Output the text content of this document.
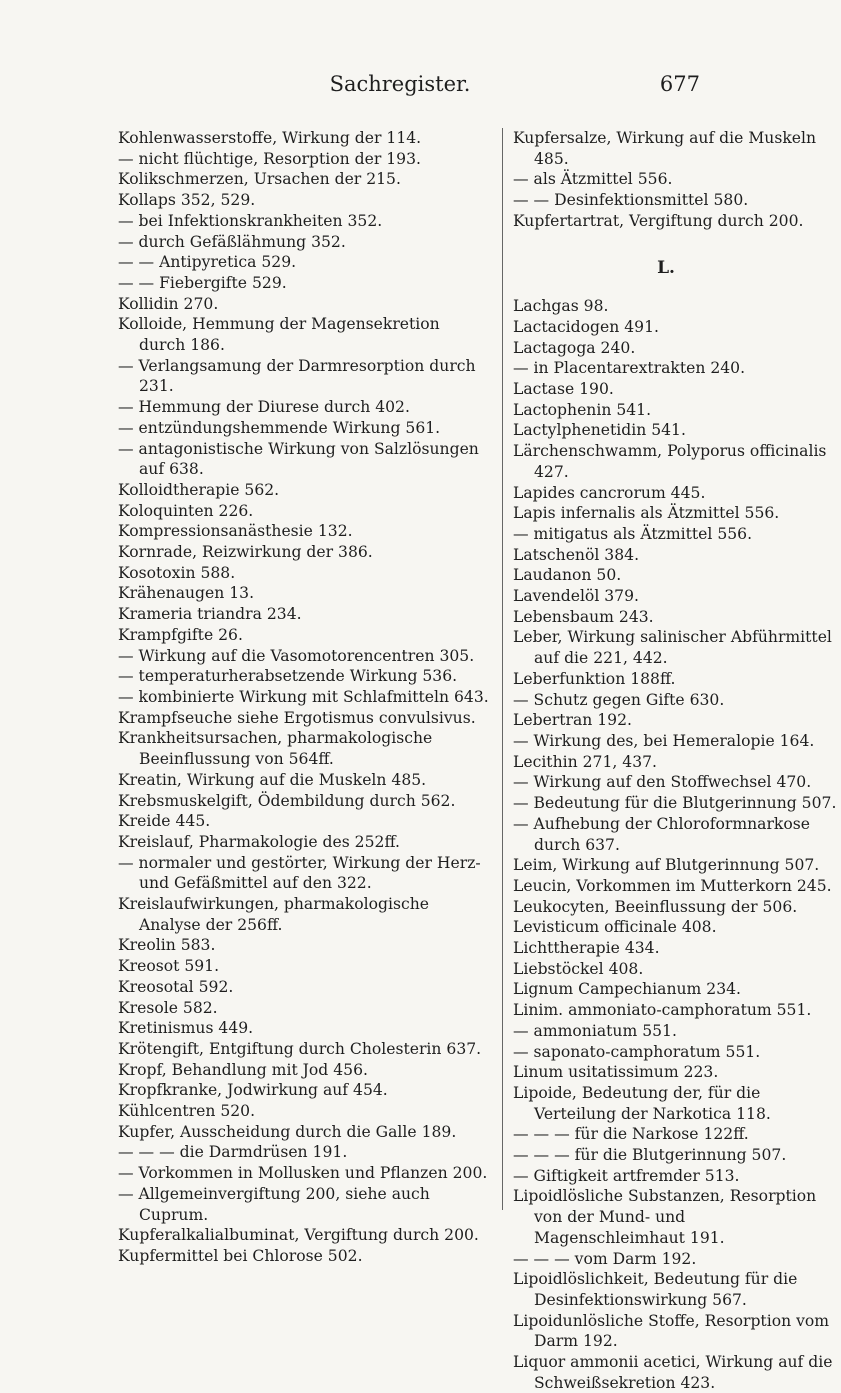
Sachregister.	677

Kohlenwasserstoffe, Wirkung der 114.

— nicht flüchtige, Resorption der 193.

Kolikschmerzen, Ursachen der 215.

Kollaps 352, 529.

— bei Infektionskrankheiten 352.

— durch Gefäßlähmung 352.

— — Antipyretica 529.

— — Fiebergifte 529.

Kollidin 270.

Kolloide, Hemmung der Magensekretion durch 186.

— Verlangsamung der Darmresorption durch 231.

— Hemmung der Diurese durch 402.

— entzündungshemmende Wirkung 561.

— antagonistische Wirkung von Salzlösungen auf 638.

Kolloidtherapie 562.

Koloquinten 226.

Kompressionsanästhesie 132.

Kornrade, Reizwirkung der 386.

Kosotoxin 588.

Krähenaugen 13.

Krameria triandra 234.

Krampfgifte 26.

— Wirkung auf die Vasomotorencentren 305.

— temperaturherabsetzende Wirkung 536.

— kombinierte Wirkung mit Schlafmitteln 643.

Krampfseuche siehe Ergotismus convulsivus.

Krankheitsursachen, pharmakologische Beeinflussung von 564ff.

Kreatin, Wirkung auf die Muskeln 485.

Krebsmuskelgift, Ödembildung durch 562.

Kreide 445.

Kreislauf, Pharmakologie des 252ff.

— normaler und gestörter, Wirkung der Herz- und Gefäßmittel auf den 322.

Kreislaufwirkungen, pharmakologische Analyse der 256ff.

Kreolin 583.

Kreosot 591.

Kreosotal 592.

Kresole 582.

Kretinismus 449.

Krötengift, Entgiftung durch Cholesterin 637.

Kropf, Behandlung mit Jod 456.

Kropfkranke, Jodwirkung auf 454.

Kühlcentren 520.

Kupfer, Ausscheidung durch die Galle 189.

— — — die Darmdrüsen 191.

— Vorkommen in Mollusken und Pflanzen 200.

— Allgemeinvergiftung 200, siehe auch Cuprum.

Kupferalkalialbuminat, Vergiftung durch 200.

Kupfermittel bei Chlorose 502.

Kupfersalze, Wirkung auf die Muskeln 485.

— als Ätzmittel 556.

— — Desinfektionsmittel 580.

Kupfertartrat, Vergiftung durch 200.

L.

Lachgas 98.

Lactacidogen 491.

Lactagoga 240.

— in Placentarextrakten 240.

Lactase 190.

Lactophenin 541.

Lactylphenetidin 541.

Lärchenschwamm, Polyporus officinalis 427.

Lapides cancrorum 445.

Lapis infernalis als Ätzmittel 556.

— mitigatus als Ätzmittel 556.

Latschenöl 384.

Laudanon 50.

Lavendelöl 379.

Lebensbaum 243.

Leber, Wirkung salinischer Abführmittel auf die 221, 442.

Leberfunktion 188ff.

— Schutz gegen Gifte 630.

Lebertran 192.

— Wirkung des, bei Hemeralopie 164.

Lecithin 271, 437.

— Wirkung auf den Stoffwechsel 470.

— Bedeutung für die Blutgerinnung 507.

— Aufhebung der Chloroformnarkose durch 637.

Leim, Wirkung auf Blutgerinnung 507.

Leucin, Vorkommen im Mutterkorn 245.

Leukocyten, Beeinflussung der 506.

Levisticum officinale 408.

Lichttherapie 434.

Liebstöckel 408.

Lignum Campechianum 234.

Linim. ammoniato-camphoratum 551.

— ammoniatum 551.

— saponato-camphoratum 551.

Linum usitatissimum 223.

Lipoide, Bedeutung der, für die Verteilung der Narkotica 118.

— — — für die Narkose 122ff.

— — — für die Blutgerinnung 507.

— Giftigkeit artfremder 513.

Lipoidlösliche Substanzen, Resorption von der Mund- und Magenschleimhaut 191.

— — — vom Darm 192.

Lipoidlöslichkeit, Bedeutung für die Desinfektionswirkung 567.

Lipoidunlösliche Stoffe, Resorption vom Darm 192.

Liquor ammonii acetici, Wirkung auf die Schweißsekretion 423.
